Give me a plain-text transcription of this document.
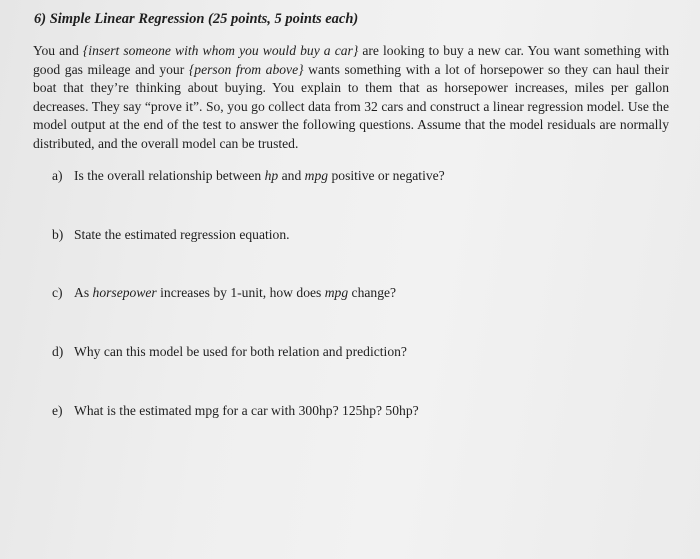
6) Simple Linear Regression (25 points, 5 points each)

You and {insert someone with whom you would buy a car} are looking to buy a new car. You want something with good gas mileage and your {person from above} wants something with a lot of horsepower so they can haul their boat that they’re thinking about buying. You explain to them that as horsepower increases, miles per gallon decreases. They say “prove it”. So, you go collect data from 32 cars and construct a linear regression model. Use the model output at the end of the test to answer the following questions. Assume that the model residuals are normally distributed, and the overall model can be trusted.

a) Is the overall relationship between hp and mpg positive or negative?
b) State the estimated regression equation.
c) As horsepower increases by 1-unit, how does mpg change?
d) Why can this model be used for both relation and prediction?
e) What is the estimated mpg for a car with 300hp? 125hp? 50hp?
